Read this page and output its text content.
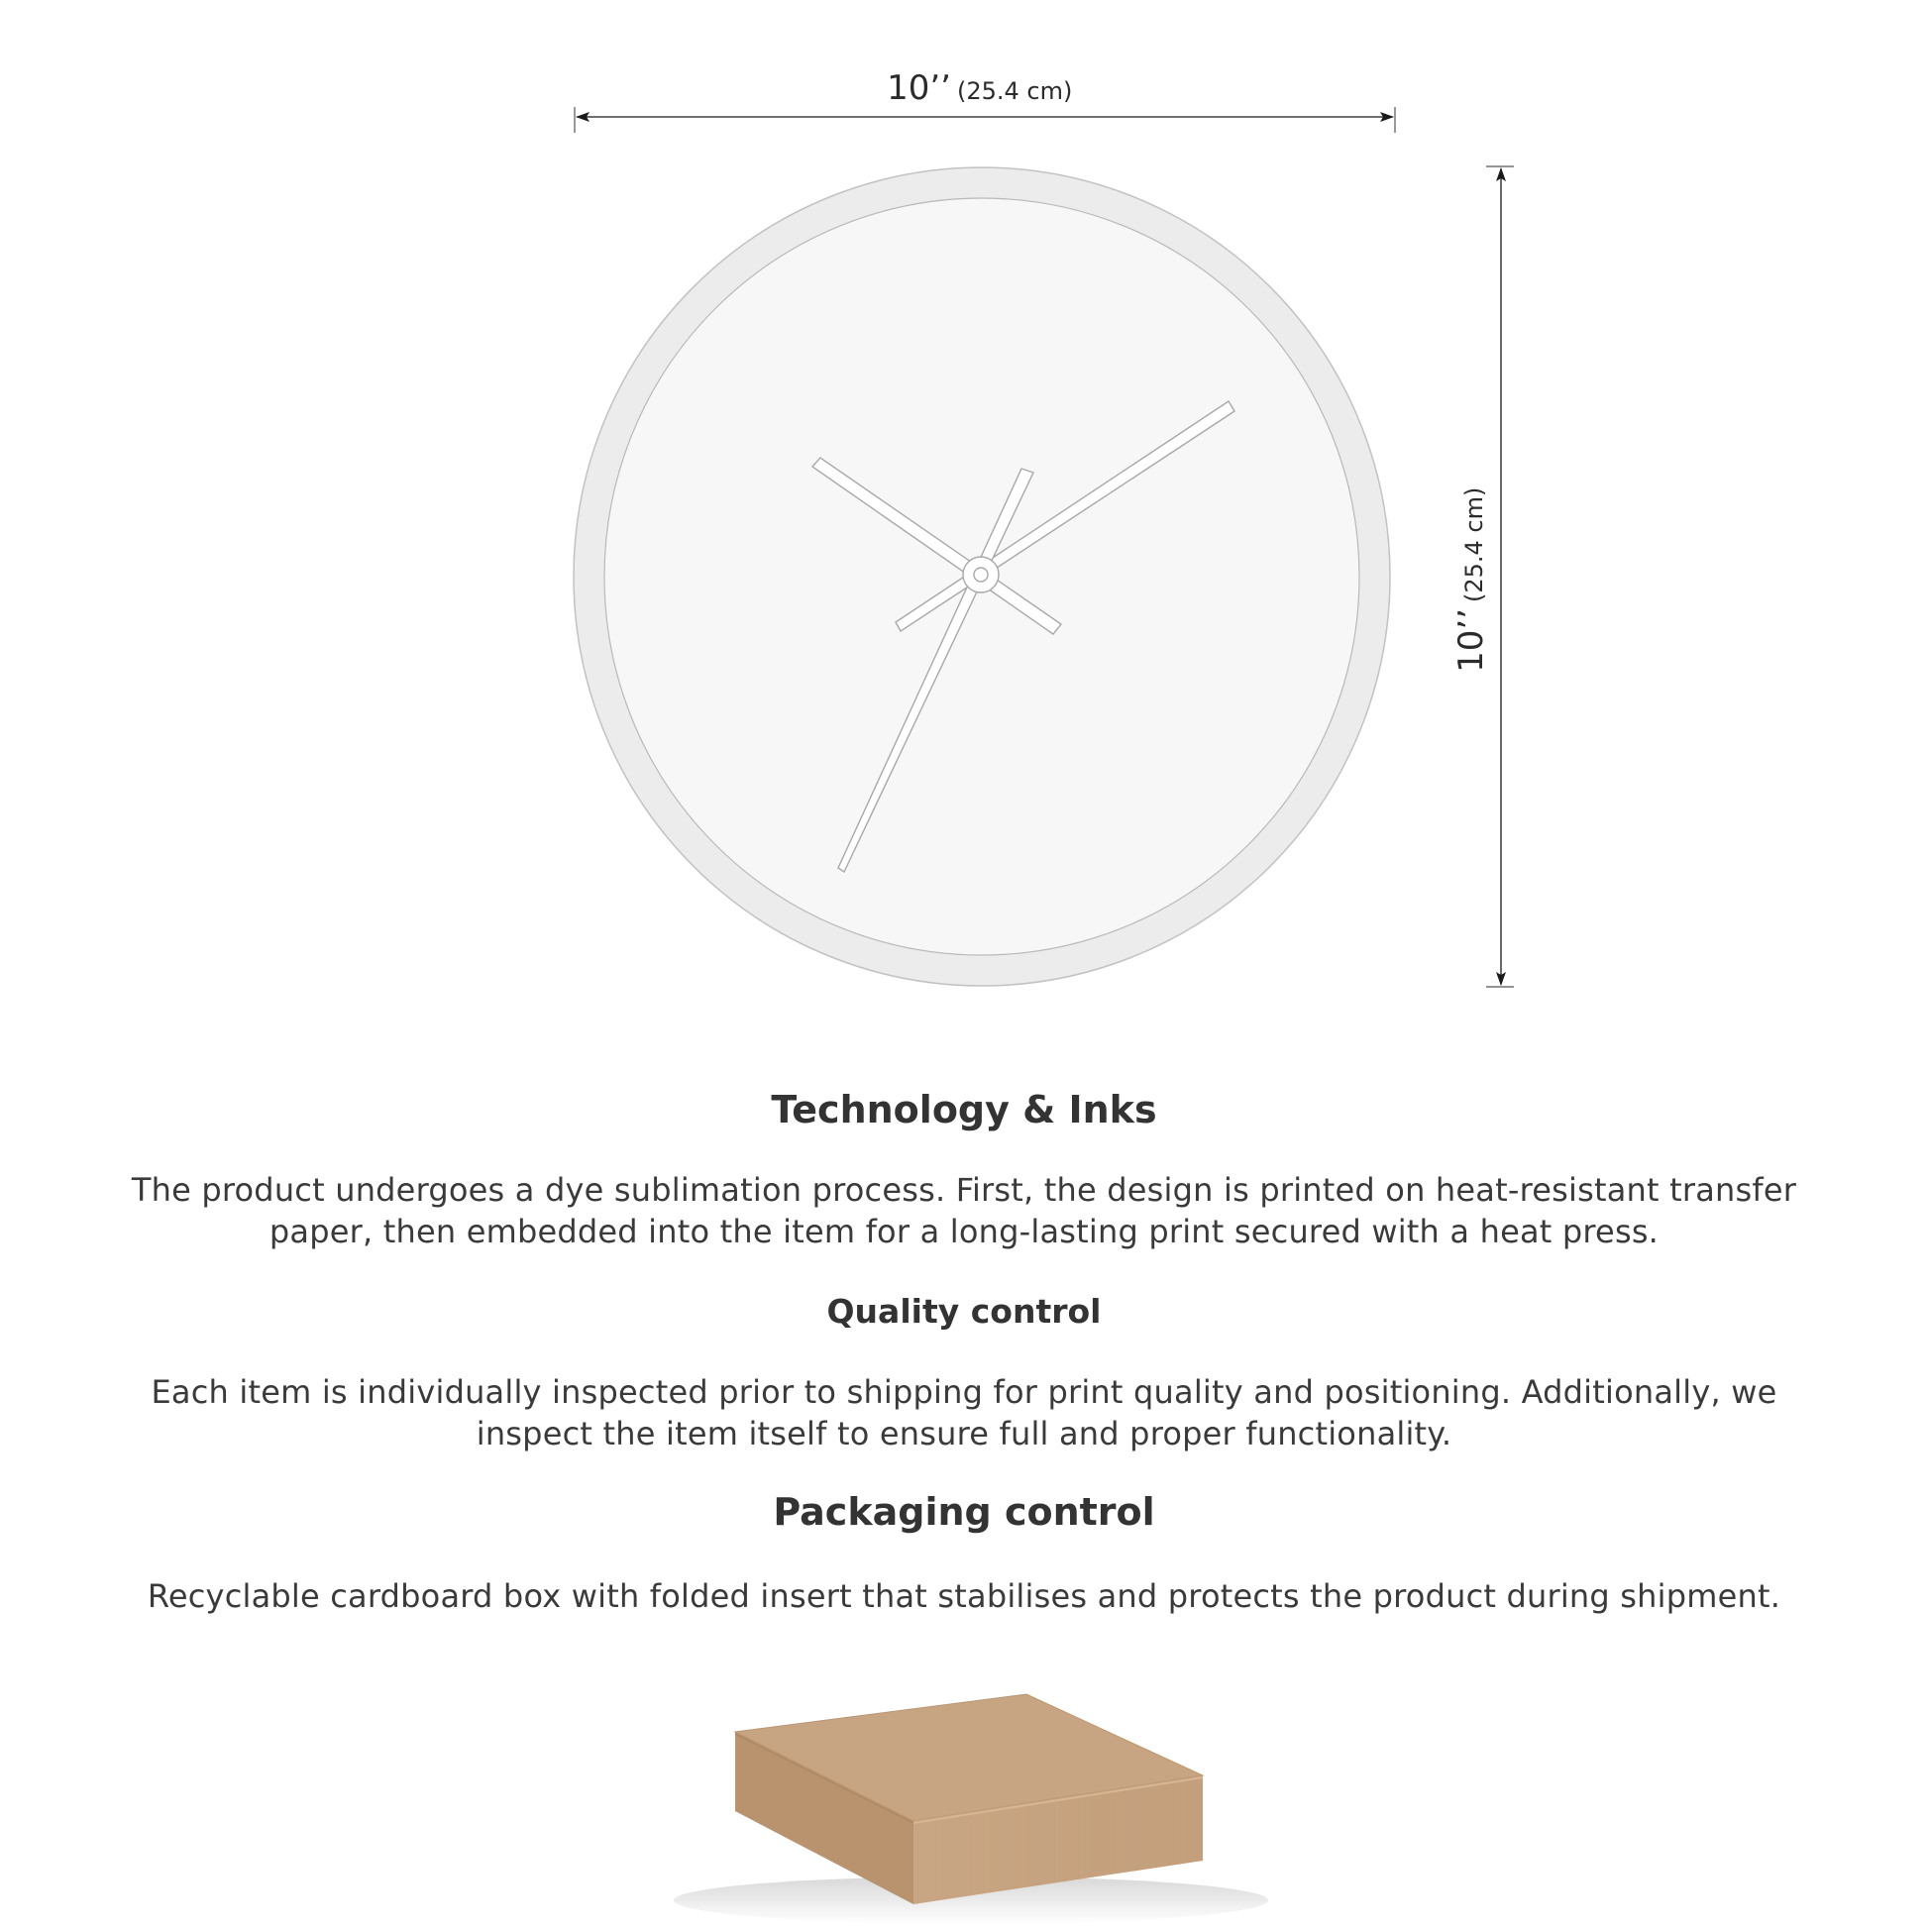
10’’ (25.4 cm)
10’’
(25.4 cm)
Technology & Inks
The product undergoes a dye sublimation process. First, the design is printed on heat-resistant transfer
paper, then embedded into the item for a long-lasting print secured with a heat press.
Quality control
Each item is individually inspected prior to shipping for print quality and positioning. Additionally, we
inspect the item itself to ensure full and proper functionality.
Packaging control
Recyclable cardboard box with folded insert that stabilises and protects the product during shipment.
